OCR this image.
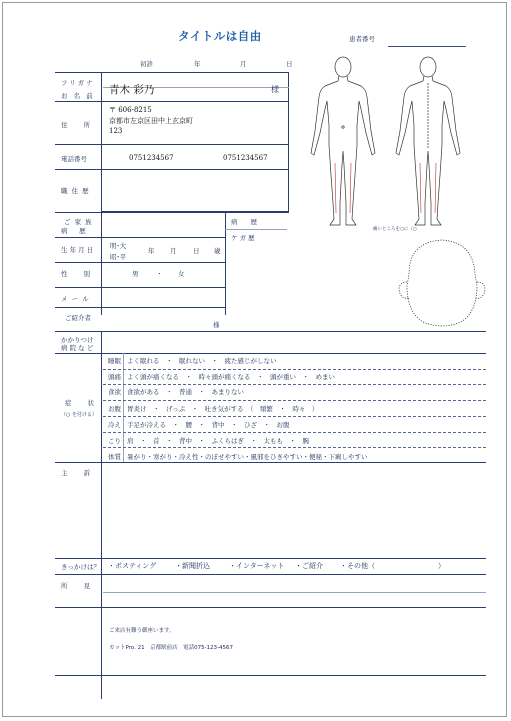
タイトルは自由	患者番号
初診	年	月	日
フリガナ
お 名 前 青木 彩乃	様
住　　所
〒 606-8215
京都市左京区田中上玄京町
123
電話番号	0751234567	0751234567
職 住 歴
痛いところを○に（○
ご 家 族
病　 歴
病　　歴
ケ ガ 歴
生 年 月 日	明･大
昭･平
年 月	日 歳
性　　別	男	・ 女
メ ー ル
ご紹介者
様
かかりつけ
病 院 な ど
症　　状
（○ を付ける）
睡眠 よく眠れる　・　眠れない　・　疲た感じがしない
頭痛 よく頭が痛くなる　・　時々頭が痛くなる　・　頭が重い　・　めまい
食欲 食欲がある　・　普通　・　あまりない
お腹 胃炎け　・　げっぷ　・　吐き気がする　（　頻繁　・　時々　）
冷え 手足が冷える　・　腰　・　背中　・　ひざ　・　お腹
こり 肩　・　首　・　背中　・　ふくらはぎ　・　太もも　・　腕
体質 暑がり・寒がり・冷え性・のぼせやすい・風邪をひきやすい・便秘・下痢しやすい
主　　訴
きっかけは？ ・ポスティング	・新聞折込	・インターネット ・ご紹介 ・その他（　　　　　　　　　）
所　　見
ご来店有難う御座います。
カットPro. 21　京都駅前店　電話075-123-4567
